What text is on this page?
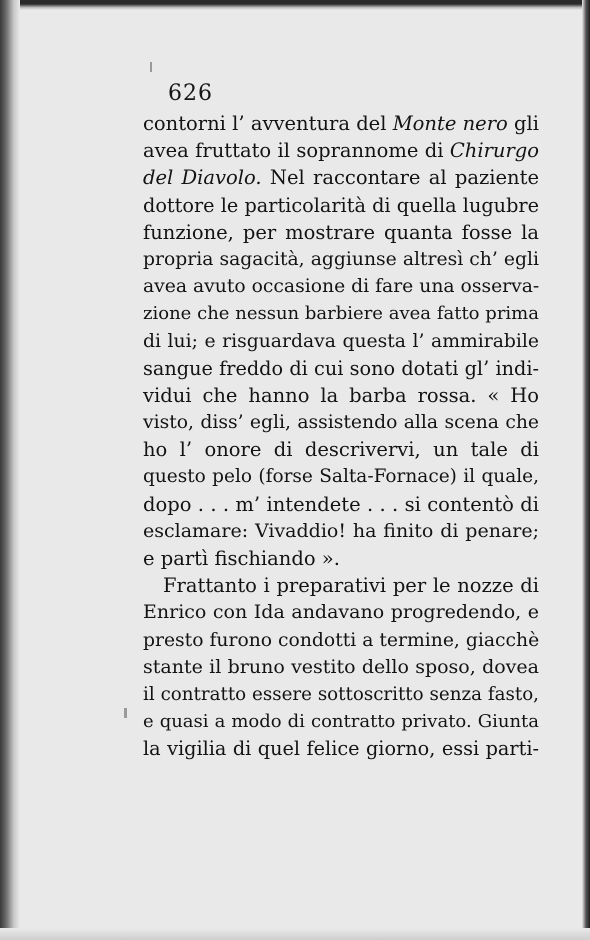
626
contorni l’ avventura del Monte nero gli
avea fruttato il soprannome di Chirurgo
del Diavolo. Nel raccontare al paziente
dottore le particolarità di quella lugubre
funzione, per mostrare quanta fosse la
propria sagacità, aggiunse altresì ch’ egli
avea avuto occasione di fare una osserva-
zione che nessun barbiere avea fatto prima
di lui; e risguardava questa l’ ammirabile
sangue freddo di cui sono dotati gl’ indi-
vidui che hanno la barba rossa. « Ho
visto, diss’ egli, assistendo alla scena che
ho l’ onore di descrivervi, un tale di
questo pelo (forse Salta-Fornace) il quale,
dopo . . . m’ intendete . . . si contentò di
esclamare: Vivaddio! ha finito di penare;
e partì fischiando ».
Frattanto i preparativi per le nozze di
Enrico con Ida andavano progredendo, e
presto furono condotti a termine, giacchè
stante il bruno vestito dello sposo, dovea
il contratto essere sottoscritto senza fasto,
e quasi a modo di contratto privato. Giunta
la vigilia di quel felice giorno, essi parti-
